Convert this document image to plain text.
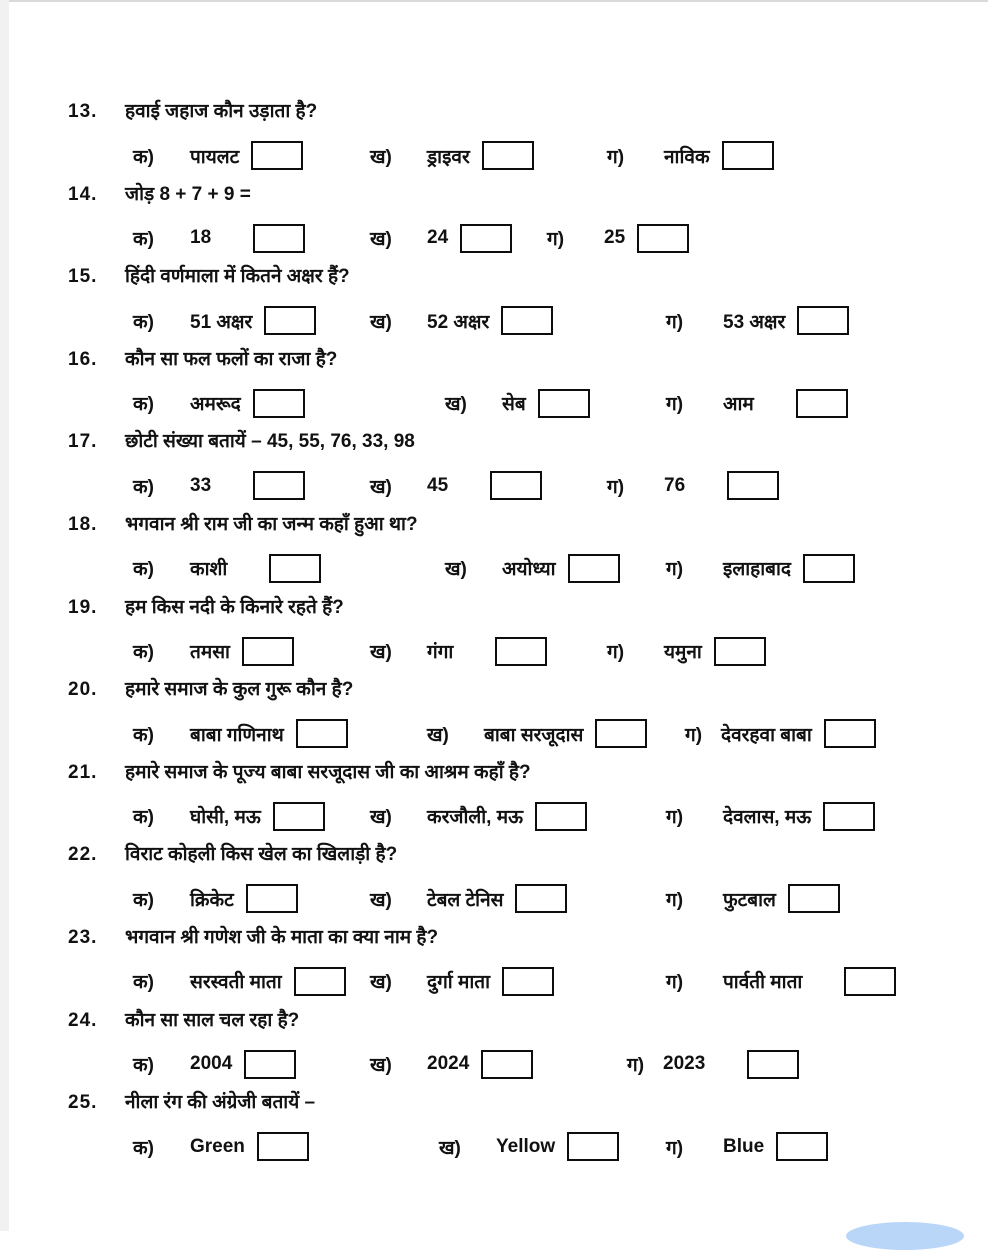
13.	हवाई जहाज कौन उड़ाता है?
क)	पायलट	ख)	ड्राइवर	ग)	नाविक
14.	जोड़ 8 + 7 + 9 =
क)	18	ख)	24	ग)	25
15.	हिंदी वर्णमाला में कितने अक्षर हैं?
क)	51 अक्षर	ख)	52 अक्षर	ग)	53 अक्षर
16.	कौन सा फल फलों का राजा है?
क)	अमरूद	ख)	सेब	ग)	आम
17.	छोटी संख्या बतायें – 45, 55, 76, 33, 98
क)	33	ख)	45	ग)	76
18.	भगवान श्री राम जी का जन्म कहाँ हुआ था?
क)	काशी	ख)	अयोध्या	ग)	इलाहाबाद
19.	हम किस नदी के किनारे रहते हैं?
क)	तमसा	ख)	गंगा	ग)	यमुना
20.	हमारे समाज के कुल गुरू कौन है?
क)	बाबा गणिनाथ	ख)	बाबा सरजूदास	ग) देवरहवा बाबा
21.	हमारे समाज के पूज्य बाबा सरजूदास जी का आश्रम कहाँ है?
क)	घोसी, मऊ	ख)	करजौली, मऊ	ग)	देवलास, मऊ
22.	विराट कोहली किस खेल का खिलाड़ी है?
क)	क्रिकेट	ख)	टेबल टेनिस	ग)	फुटबाल
23.	भगवान श्री गणेश जी के माता का क्या नाम है?
क)	सरस्वती माता	ख)	दुर्गा माता	ग)	पार्वती माता
24.	कौन सा साल चल रहा है?
क)	2004	ख)	2024	ग) 2023
25.	नीला रंग की अंग्रेजी बतायें –
क)	Green	ख)	Yellow	ग)	Blue
